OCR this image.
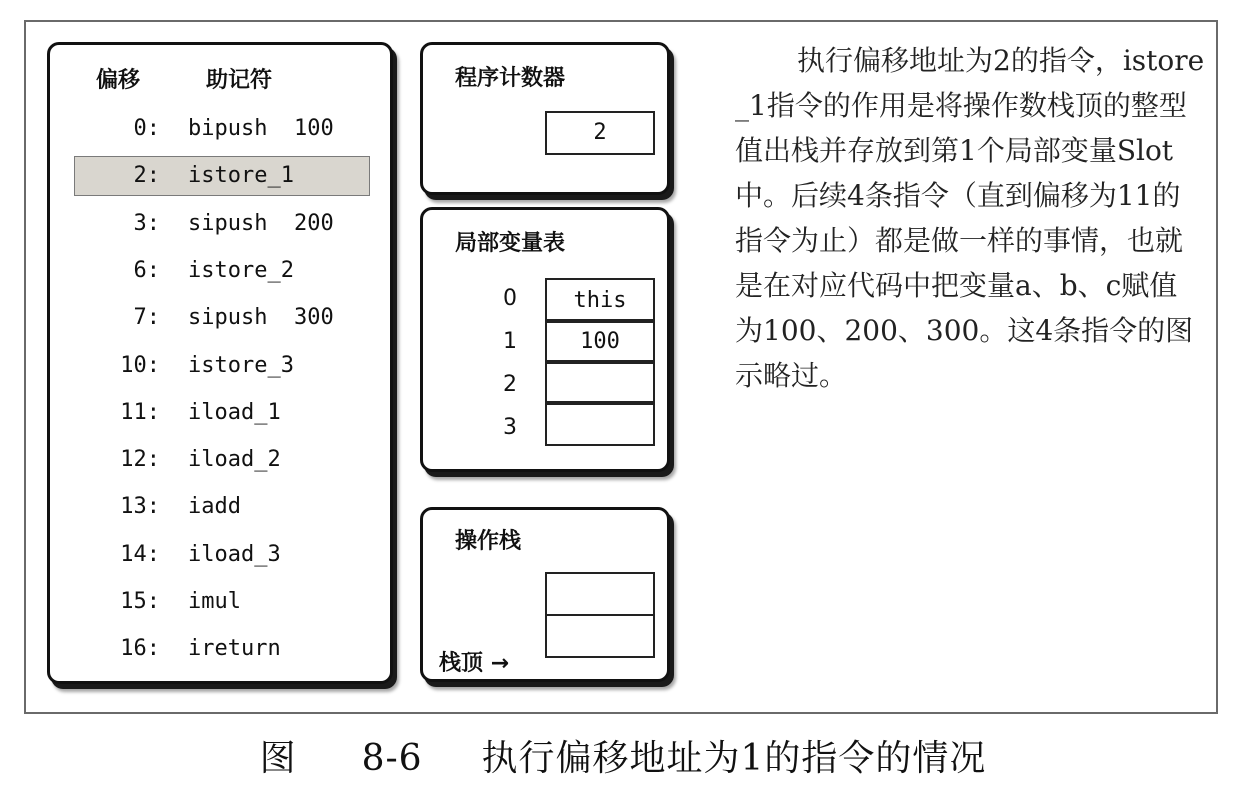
偏移	助记符
0: bipush  100
2: istore_1
3: sipush  200
6: istore_2
7: sipush  300
10: istore_3
11: iload_1
12: iload_2
13: iadd
14: iload_3
15: imul
16: ireturn
程序计数器
2
局部变量表
0	this
1	100
2
3
操作栈
栈顶 →

执行偏移地址为2的指令，istore_1指令的作用是将操作数栈顶的整型值出栈并存放到第1个局部变量Slot中。后续4条指令（直到偏移为11的指令为止）都是做一样的事情，也就是在对应代码中把变量a、b、c赋值为100、200、300。这4条指令的图示略过。

图 8-6 执行偏移地址为1的指令的情况
